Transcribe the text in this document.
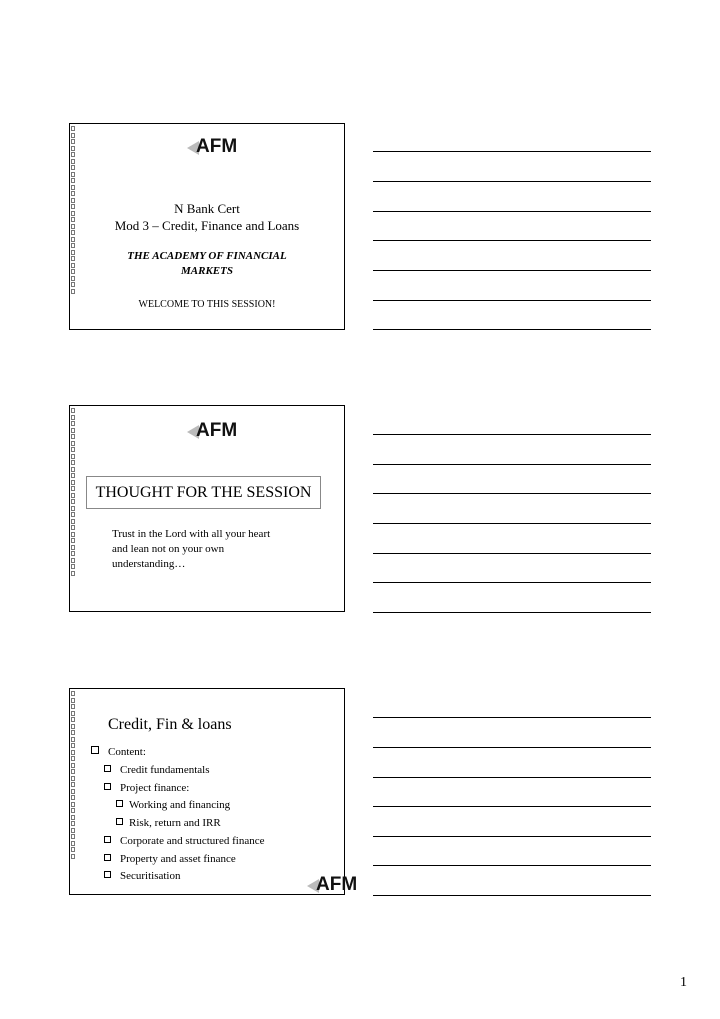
AFM
N Bank Cert
Mod 3 – Credit, Finance and Loans
THE ACADEMY OF FINANCIAL
MARKETS
WELCOME TO THIS SESSION!
AFM
THOUGHT FOR THE SESSION
Trust in the Lord with all your heart
and lean not on your own
understanding…
Credit, Fin & loans
Content:
Credit fundamentals
Project finance:
Working and financing
Risk, return and IRR
Corporate and structured finance
Property and asset finance
Securitisation	AFM
1
